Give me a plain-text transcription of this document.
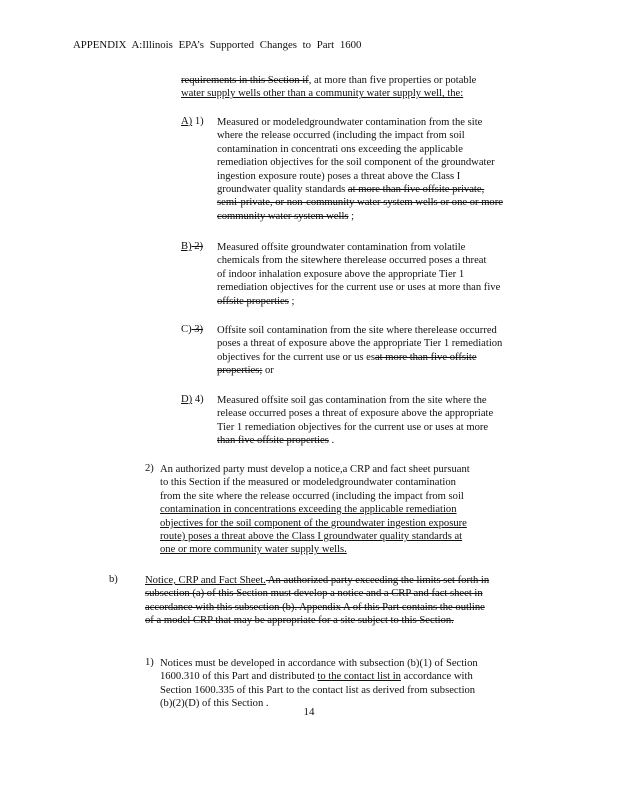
APPENDIX A:Illinois EPA’s Supported Changes to Part 1600
requirements in this Section if, at more than five properties or potable
water supply wells other than a community water supply well, the:
A) 1) Measured or modeledgroundwater contamination from the site
where the release occurred (including the impact from soil
contamination in concentrati ons exceeding the applicable
remediation objectives for the soil component of the groundwater
ingestion exposure route) poses a threat above the Class I
groundwater quality standards at more than five offsite private,
semi-private, or non-community water system wells or one or more
community water system wells ;
B) 2) Measured offsite groundwater contamination from volatile
chemicals from the sitewhere therelease occurred poses a threat
of indoor inhalation exposure above the appropriate Tier 1
remediation objectives for the current use or uses at more than five
offsite properties ;
C) 3) Offsite soil contamination from the site where therelease occurred
poses a threat of exposure above the appropriate Tier 1 remediation
objectives for the current use or us esat more than five offsite
properties; or
D) 4) Measured offsite soil gas contamination from the site where the
release occurred poses a threat of exposure above the appropriate
Tier 1 remediation objectives for the current use or uses at more
than five offsite properties .
2) An authorized party must develop a notice,a CRP and fact sheet pursuant
to this Section if the measured or modeledgroundwater contamination
from the site where the release occurred (including the impact from soil
contamination in concentrations exceeding the applicable remediation
objectives for the soil component of the groundwater ingestion exposure
route) poses a threat above the Class I groundwater quality standards at
one or more community water supply wells.
b)	Notice, CRP and Fact Sheet. An authorized party exceeding the limits set forth in
subsection (a) of this Section must develop a notice and a CRP and fact sheet in
accordance with this subsection (b). Appendix A of this Part contains the outline
of a model CRP that may be appropriate for a site subject to this Section.
1) Notices must be developed in accordance with subsection (b)(1) of Section
1600.310 of this Part and distributed to the contact list in accordance with
Section 1600.335 of this Part to the contact list as derived from subsection
(b)(2)(D) of this Section .
14
